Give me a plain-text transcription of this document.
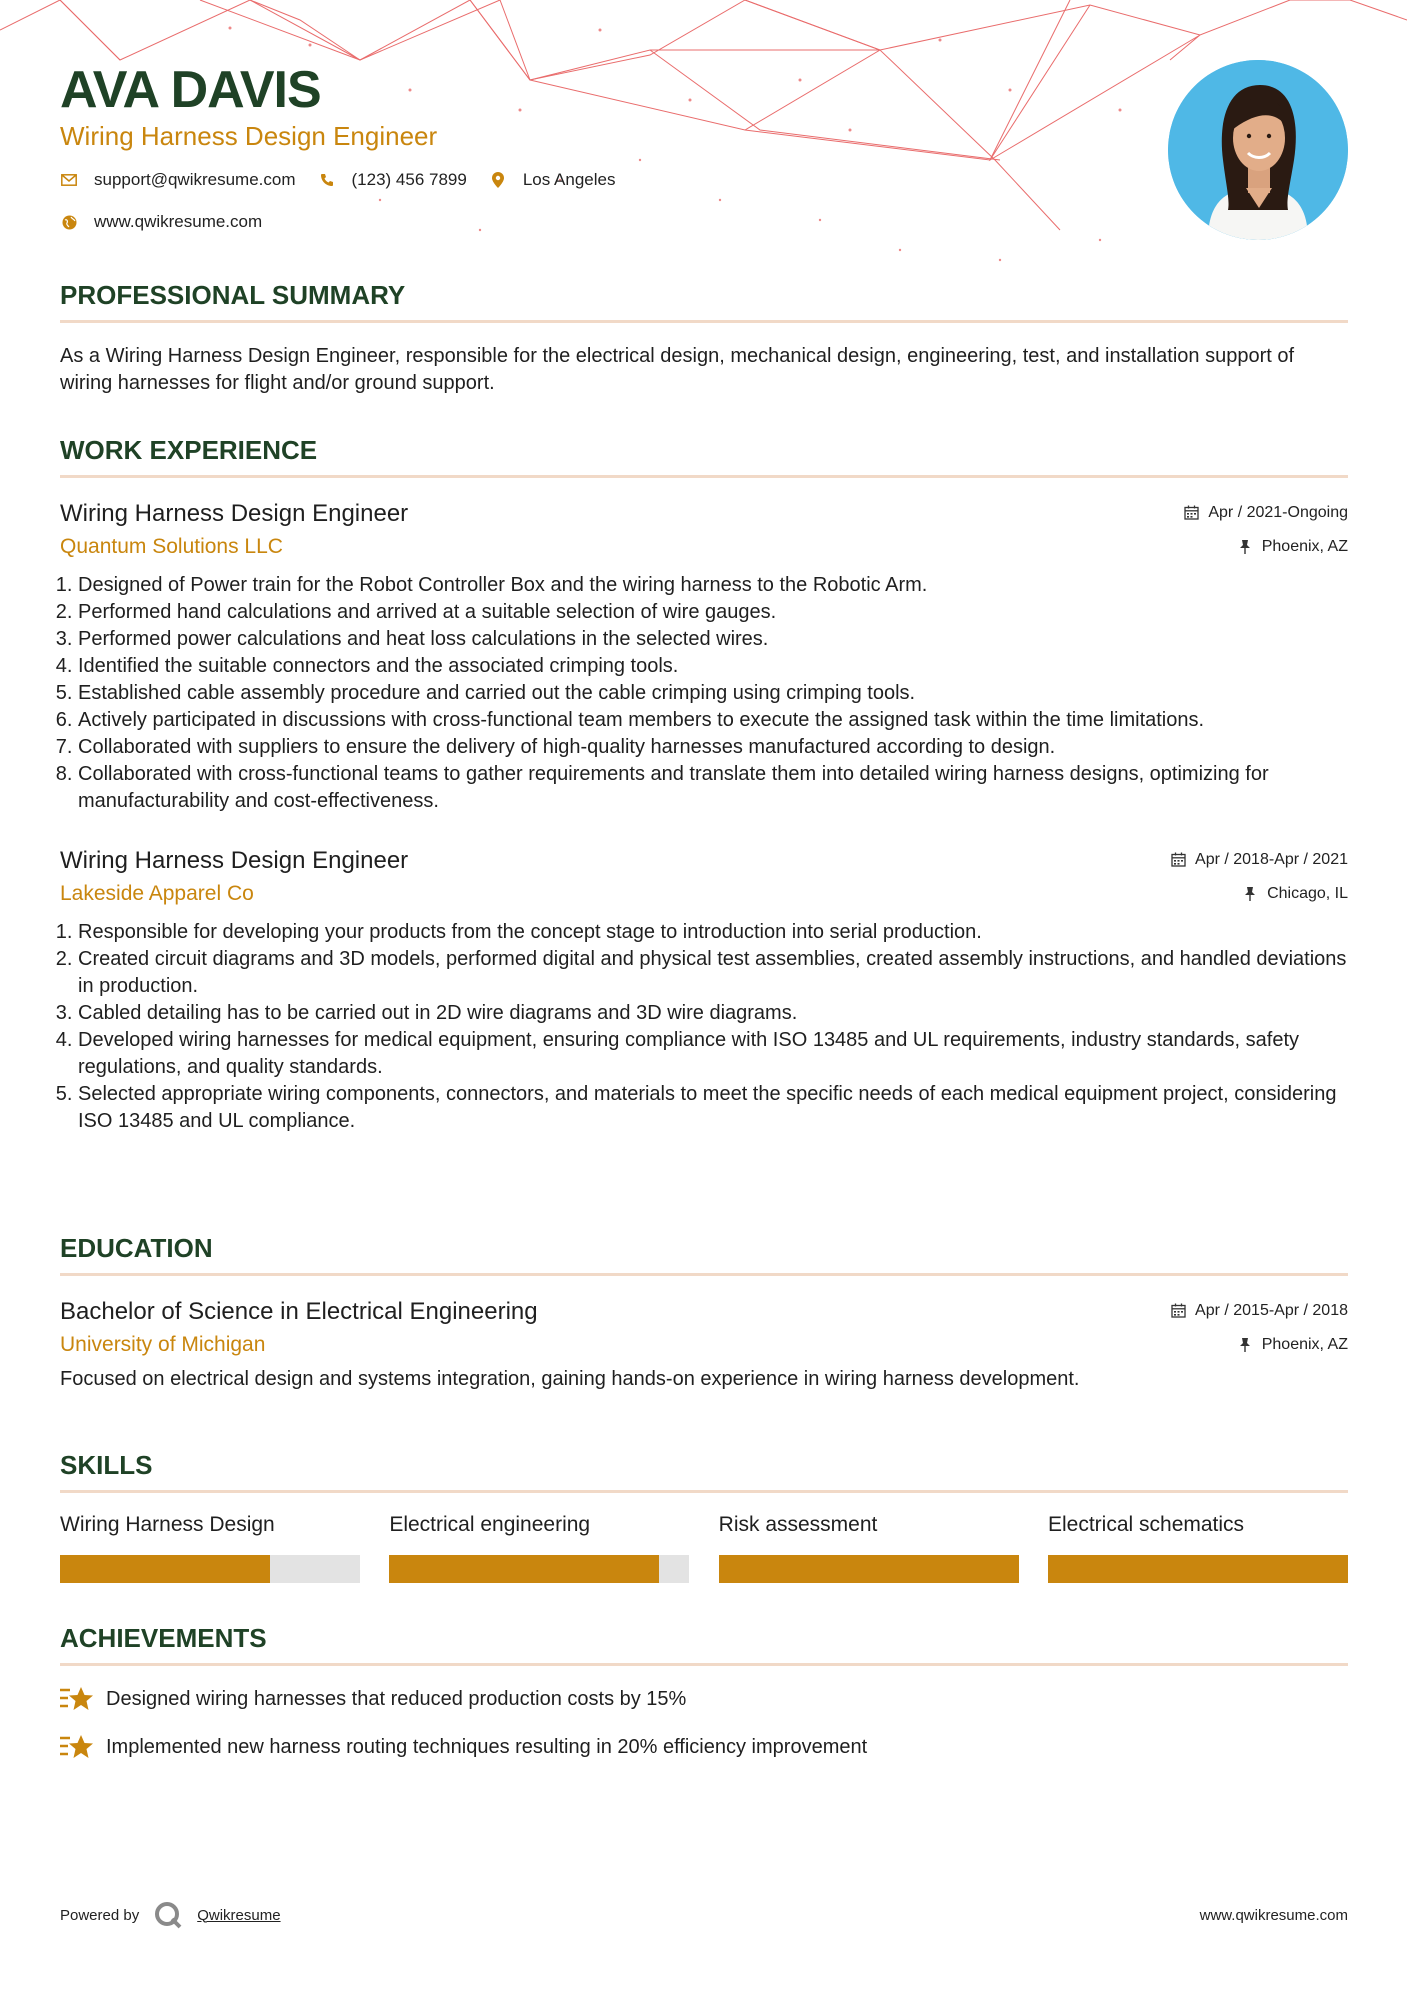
AVA DAVIS
Wiring Harness Design Engineer
support@qwikresume.com	(123) 456 7899	Los Angeles
www.qwikresume.com
PROFESSIONAL SUMMARY
As a Wiring Harness Design Engineer, responsible for the electrical design, mechanical design, engineering, test, and installation support of wiring harnesses for flight and/or ground support.
WORK EXPERIENCE
Wiring Harness Design Engineer	Apr / 2021-Ongoing
Quantum Solutions LLC	Phoenix, AZ
1. Designed of Power train for the Robot Controller Box and the wiring harness to the Robotic Arm.
2. Performed hand calculations and arrived at a suitable selection of wire gauges.
3. Performed power calculations and heat loss calculations in the selected wires.
4. Identified the suitable connectors and the associated crimping tools.
5. Established cable assembly procedure and carried out the cable crimping using crimping tools.
6. Actively participated in discussions with cross-functional team members to execute the assigned task within the time limitations.
7. Collaborated with suppliers to ensure the delivery of high-quality harnesses manufactured according to design.
8. Collaborated with cross-functional teams to gather requirements and translate them into detailed wiring harness designs, optimizing for manufacturability and cost-effectiveness.
Wiring Harness Design Engineer	Apr / 2018-Apr / 2021
Lakeside Apparel Co	Chicago, IL
1. Responsible for developing your products from the concept stage to introduction into serial production.
2. Created circuit diagrams and 3D models, performed digital and physical test assemblies, created assembly instructions, and handled deviations in production.
3. Cabled detailing has to be carried out in 2D wire diagrams and 3D wire diagrams.
4. Developed wiring harnesses for medical equipment, ensuring compliance with ISO 13485 and UL requirements, industry standards, safety regulations, and quality standards.
5. Selected appropriate wiring components, connectors, and materials to meet the specific needs of each medical equipment project, considering ISO 13485 and UL compliance.
EDUCATION
Bachelor of Science in Electrical Engineering	Apr / 2015-Apr / 2018
University of Michigan	Phoenix, AZ
Focused on electrical design and systems integration, gaining hands-on experience in wiring harness development.
SKILLS
Wiring Harness Design	Electrical engineering	Risk assessment	Electrical schematics
ACHIEVEMENTS
Designed wiring harnesses that reduced production costs by 15%
Implemented new harness routing techniques resulting in 20% efficiency improvement
Powered by	Qwikresume	www.qwikresume.com
